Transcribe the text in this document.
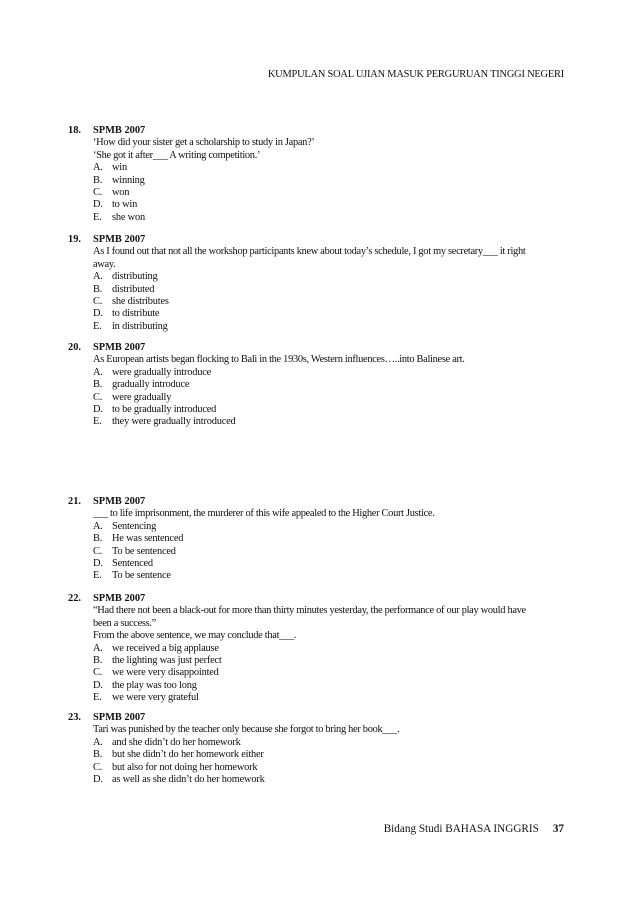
KUMPULAN SOAL UJIAN MASUK PERGURUAN TINGGI NEGERI
18. SPMB 2007
‘How did your sister get a scholarship to study in Japan?’
‘She got it after___ A writing competition.’
A. win
B. winning
C. won
D. to win
E. she won
19. SPMB 2007
As I found out that not all the workshop participants knew about today’s schedule, I got my secretary___ it right
away.
A. distributing
B. distributed
C. she distributes
D. to distribute
E. in distributing
20. SPMB 2007
As European artists began flocking to Bali in the 1930s, Western influences…..into Balinese art.
A. were gradually introduce
B. gradually introduce
C. were gradually
D. to be gradually introduced
E. they were gradually introduced
21. SPMB 2007
___ to life imprisonment, the murderer of this wife appealed to the Higher Court Justice.
A. Sentencing
B. He was sentenced
C. To be sentenced
D. Sentenced
E. To be sentence
22. SPMB 2007
“Had there not been a black-out for more than thirty minutes yesterday, the performance of our play would have
been a success.”
From the above sentence, we may conclude that___.
A. we received a big applause
B. the lighting was just perfect
C. we were very disappointed
D. the play was too long
E. we were very grateful
23. SPMB 2007
Tari was punished by the teacher only because she forgot to bring her book___.
A. and she didn’t do her homework
B. but she didn’t do her homework either
C. but also for not doing her homework
D. as well as she didn’t do her homework
Bidang Studi BAHASA INGGRIS 37
